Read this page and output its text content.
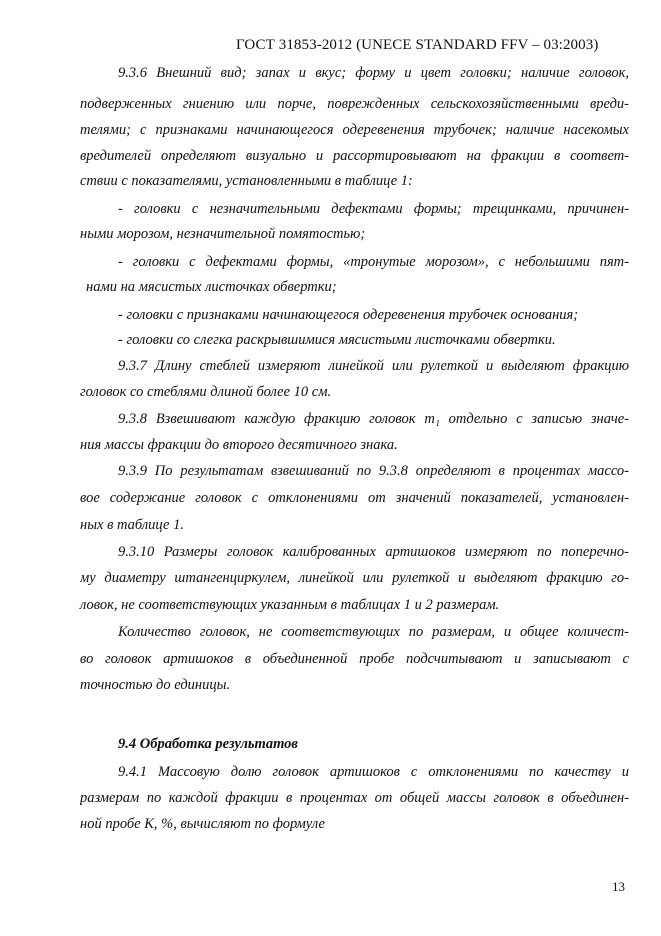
ГОСТ 31853-2012 (UNECE STANDARD FFV – 03:2003)
9.3.6 Внешний вид; запах и вкус; форму и цвет головки; наличие головок,
подверженных гниению или порче, поврежденных сельскохозяйственными вреди-
телями; с признаками начинающегося одеревенения трубочек; наличие насекомых
вредителей определяют визуально и рассортировывают на фракции в соответ-
ствии с показателями, установленными в таблице 1:
- головки с незначительными дефектами формы; трещинками, причинен-
ными морозом, незначительной помятостью;
- головки с дефектами формы, «тронутые морозом», с небольшими пят-
нами на мясистых листочках обвертки;
- головки с признаками начинающегося одеревенения трубочек основания;
- головки со слегка раскрывшимися мясистыми листочками обвертки.
9.3.7 Длину стеблей измеряют линейкой или рулеткой и выделяют фракцию
головок со стеблями длиной более 10 см.
9.3.8 Взвешивают каждую фракцию головок m₁ отдельно с записью значе-
ния массы фракции до второго десятичного знака.
9.3.9 По результатам взвешиваний по 9.3.8 определяют в процентах массо-
вое содержание головок с отклонениями от значений показателей, установлен-
ных в таблице 1.
9.3.10 Размеры головок калиброванных артишоков измеряют по поперечно-
му диаметру штангенциркулем, линейкой или рулеткой и выделяют фракцию го-
ловок, не соответствующих указанным в таблицах 1 и 2 размерам.
Количество головок, не соответствующих по размерам, и общее количест-
во головок артишоков в объединенной пробе подсчитывают и записывают с
точностью до единицы.
9.4 Обработка результатов
9.4.1 Массовую долю головок артишоков с отклонениями по качеству и
размерам по каждой фракции в процентах от общей массы головок в объединен-
ной пробе К, %, вычисляют по формуле
13
